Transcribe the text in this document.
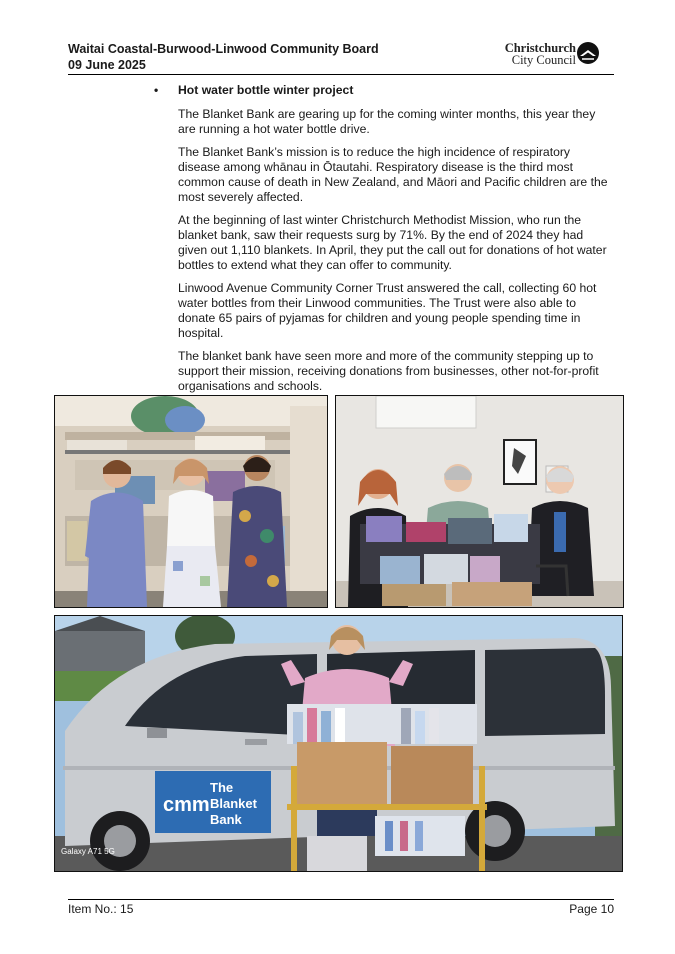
Waitai Coastal-Burwood-Linwood Community Board
09 June 2025
Christchurch
City Council
• Hot water bottle winter project

The Blanket Bank are gearing up for the coming winter months, this year they are running a hot water bottle drive.

The Blanket Bank’s mission is to reduce the high incidence of respiratory disease among whānau in Ōtautahi. Respiratory disease is the third most common cause of death in New Zealand, and Māori and Pacific children are the most severely affected.

At the beginning of last winter Christchurch Methodist Mission, who run the blanket bank, saw their requests surg by 71%. By the end of 2024 they had given out 1,110 blankets. In April, they put the call out for donations of hot water bottles to extend what they can offer to community.

Linwood Avenue Community Corner Trust answered the call, collecting 60 hot water bottles from their Linwood communities. The Trust were also able to donate 65 pairs of pyjamas for children and young people spending time in hospital.

The blanket bank have seen more and more of the community stepping up to support their mission, receiving donations from businesses, other not-for-profit organisations and schools.

cmm
The
Blanket
Bank
Galaxy A71 5G
Item No.: 15	Page 10
